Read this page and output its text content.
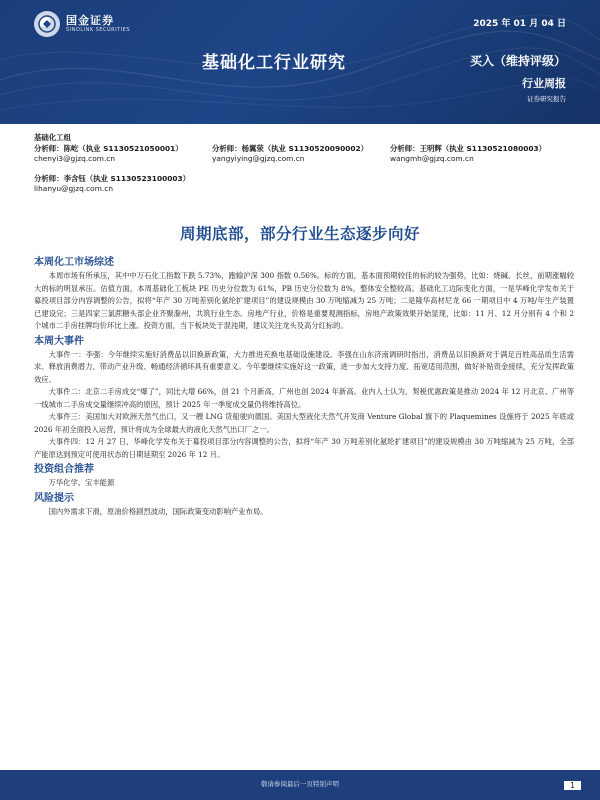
国金证券
SINOLINK SECURITIES
2025 年 01 月 04 日
基础化工行业研究	买入（维持评级）
行业周报
证券研究报告
基础化工组
分析师：陈屹（执业 S1130521050001）
chenyi3@gjzq.com.cn
分析师：杨翼荥（执业 S1130520090002）
yangyiying@gjzq.com.cn
分析师：王明辉（执业 S1130521080003）
wangmh@gjzq.com.cn
分析师：李含钰（执业 S1130523100003）
lihanyu@gjzq.com.cn
周期底部，部分行业生态逐步向好
本周化工市场综述

本周市场有所承压，其中中万石化工指数下跌 5.73%，跑输沪深 300 指数 0.56%。标的方面，基本面预期较佳的标的较为强势，比如：烧碱、长丝，前期涨幅较大的标的明显承压。估值方面，本周基础化工板块 PE 历史分位数为 61%，PB 历史分位数为 8%，整体安全整较高。基础化工边际变化方面，一是华峰化学发布关于募投项目部分内容调整的公告，拟将“年产 30 万吨差别化氨纶扩建项目”的建设规模由 30 万吨缩减为 25 万吨；二是隆华高材尼龙 66 一期项目中 4 万吨/年生产装置已建设完；三是四家三氯蔗糖头部企业齐聚滁州，共筑行业生态。房地产行业，价格是重要观测指标，房地产政策效果开始显现，比如：11 月、12 月分别有 4 个和 2 个城市二手房挂牌均价环比上涨。投资方面，当下板块处于混沌期，建议关注龙头及高分红标的。

本周大事件

大事件一：李强：今年继续实施好消费品以旧换新政策，大力推进充换电基础设施建设。李强在山东济南调研时指出，消费品以旧换新对于满足百姓高品质生活需求、释放消费潜力、带动产业升级、畅通经济循环具有重要意义。今年要继续实施好这一政策，进一步加大支持力度、拓宽适用范围，做好补贴资金接续，充分发挥政策效应。

大事件二：北京二手房成交“爆了”，同比大增 66%，创 21 个月新高，广州也创 2024 年新高。业内人士认为，契税优惠政策是推动 2024 年 12 月北京、广州等一线城市二手房成交量继续冲高的原因，预计 2025 年一季度成交量仍将维持高位。

大事件三：美国加大对欧洲天然气出口，又一艘 LNG 货船驶向德国。美国大型液化天然气开发商 Venture Global 旗下的 Plaquemines 设施将于 2025 年底或 2026 年初全面投入运营，预计将成为全球最大的液化天然气出口厂之一。

大事件四：12 月 27 日，华峰化学发布关于募投项目部分内容调整的公告，拟将“年产 30 万吨差别化氨纶扩建项目”的建设规模由 30 万吨缩减为 25 万吨，全部产能原达到预定可使用状态的日期延期至 2026 年 12 月。

投资组合推荐

万华化学、宝丰能源

风险提示

国内外需求下滑，原油价格剧烈波动，国际政策变动影响产业布局。

敬请参阅最后一页特别声明	1
